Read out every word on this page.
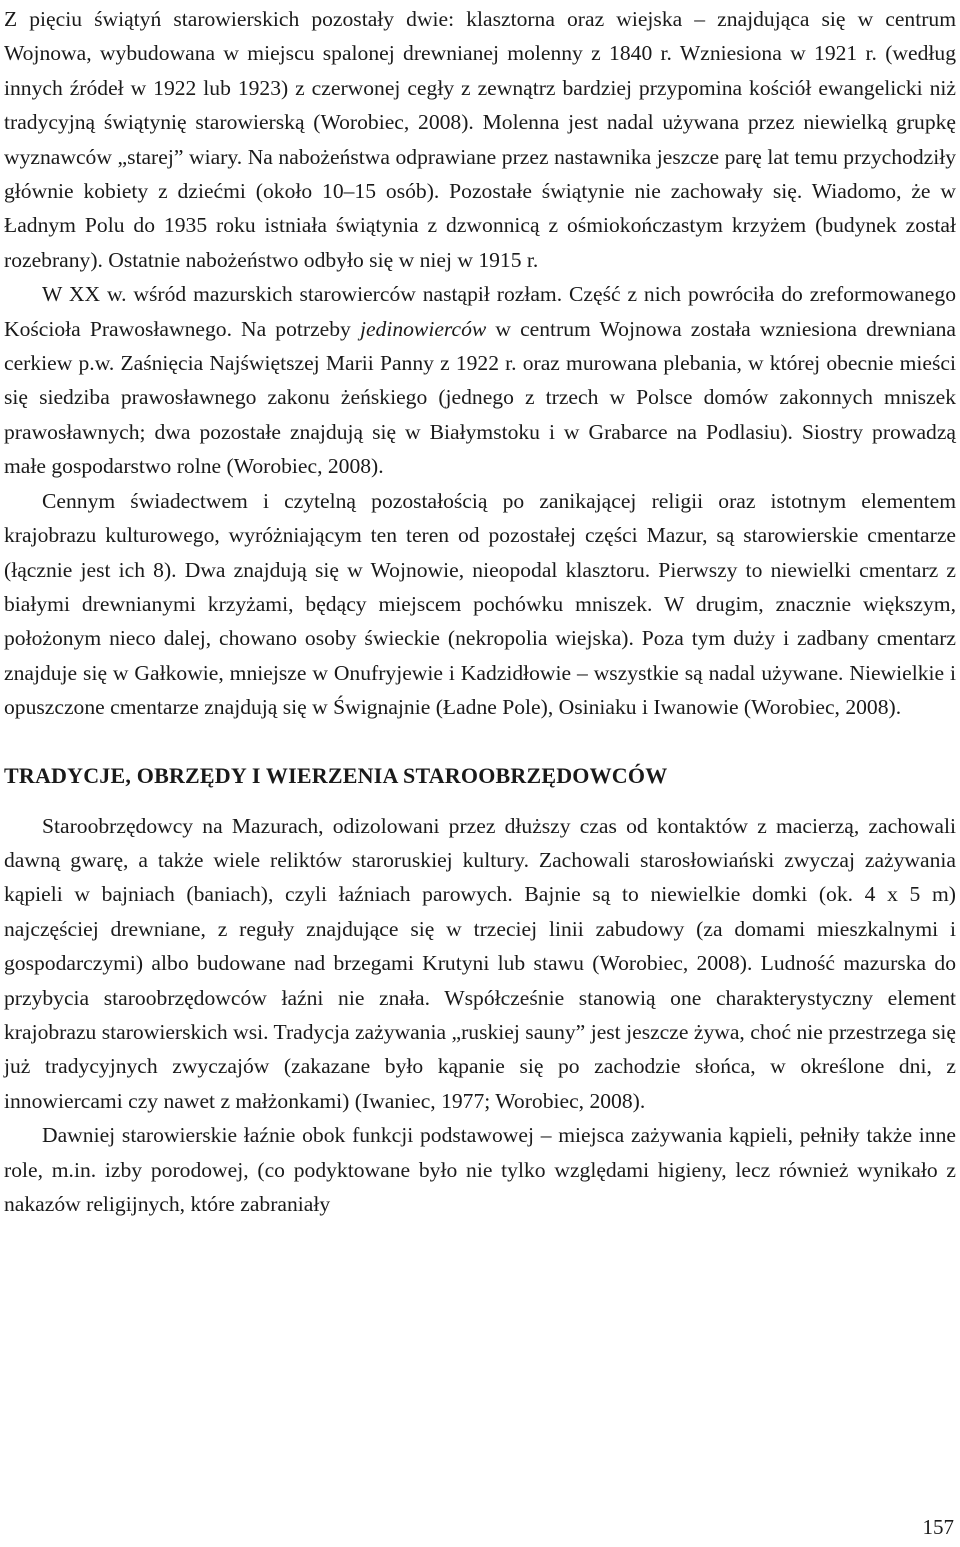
Z pięciu świątyń starowierskich pozostały dwie: klasztorna oraz wiejska – znajdująca się w centrum Wojnowa, wybudowana w miejscu spalonej drewnianej molenny z 1840 r. Wzniesiona w 1921 r. (według innych źródeł w 1922 lub 1923) z czerwonej cegły z zewnątrz bardziej przypomina kościół ewangelicki niż tradycyjną świątynię starowierską (Worobiec, 2008). Molenna jest nadal używana przez niewielką grupkę wyznawców „starej” wiary. Na nabożeństwa odprawiane przez nastawnika jeszcze parę lat temu przychodziły głównie kobiety z dziećmi (około 10–15 osób). Pozostałe świątynie nie zachowały się. Wiadomo, że w Ładnym Polu do 1935 roku istniała świątynia z dzwonnicą z ośmiokończastym krzyżem (budynek został rozebrany). Ostatnie nabożeństwo odbyło się w niej w 1915 r.

W XX w. wśród mazurskich starowierców nastąpił rozłam. Część z nich powróciła do zreformowanego Kościoła Prawosławnego. Na potrzeby jedinowierców w centrum Wojnowa została wzniesiona drewniana cerkiew p.w. Zaśnięcia Najświętszej Marii Panny z 1922 r. oraz murowana plebania, w której obecnie mieści się siedziba prawosławnego zakonu żeńskiego (jednego z trzech w Polsce domów zakonnych mniszek prawosławnych; dwa pozostałe znajdują się w Białymstoku i w Grabarce na Podlasiu). Siostry prowadzą małe gospodarstwo rolne (Worobiec, 2008).

Cennym świadectwem i czytelną pozostałością po zanikającej religii oraz istotnym elementem krajobrazu kulturowego, wyróżniającym ten teren od pozostałej części Mazur, są starowierskie cmentarze (łącznie jest ich 8). Dwa znajdują się w Wojnowie, nieopodal klasztoru. Pierwszy to niewielki cmentarz z białymi drewnianymi krzyżami, będący miejscem pochówku mniszek. W drugim, znacznie większym, położonym nieco dalej, chowano osoby świeckie (nekropolia wiejska). Poza tym duży i zadbany cmentarz znajduje się w Gałkowie, mniejsze w Onufryjewie i Kadzidłowie – wszystkie są nadal używane. Niewielkie i opuszczone cmentarze znajdują się w Śwignajnie (Ładne Pole), Osiniaku i Iwanowie (Worobiec, 2008).

TRADYCJE, OBRZĘDY I WIERZENIA STAROOBRZĘDOWCÓW

Staroobrzędowcy na Mazurach, odizolowani przez dłuższy czas od kontaktów z macierzą, zachowali dawną gwarę, a także wiele reliktów staroruskiej kultury. Zachowali starosłowiański zwyczaj zażywania kąpieli w bajniach (baniach), czyli łaźniach parowych. Bajnie są to niewielkie domki (ok. 4 x 5 m) najczęściej drewniane, z reguły znajdujące się w trzeciej linii zabudowy (za domami mieszkalnymi i gospodarczymi) albo budowane nad brzegami Krutyni lub stawu (Worobiec, 2008). Ludność mazurska do przybycia staroobrzędowców łaźni nie znała. Współcześnie stanowią one charakterystyczny element krajobrazu starowierskich wsi. Tradycja zażywania „ruskiej sauny” jest jeszcze żywa, choć nie przestrzega się już tradycyjnych zwyczajów (zakazane było kąpanie się po zachodzie słońca, w określone dni, z innowiercami czy nawet z małżonkami) (Iwaniec, 1977; Worobiec, 2008).

Dawniej starowierskie łaźnie obok funkcji podstawowej – miejsca zażywania kąpieli, pełniły także inne role, m.in. izby porodowej, (co podyktowane było nie tylko względami higieny, lecz również wynikało z nakazów religijnych, które zabraniały

157
